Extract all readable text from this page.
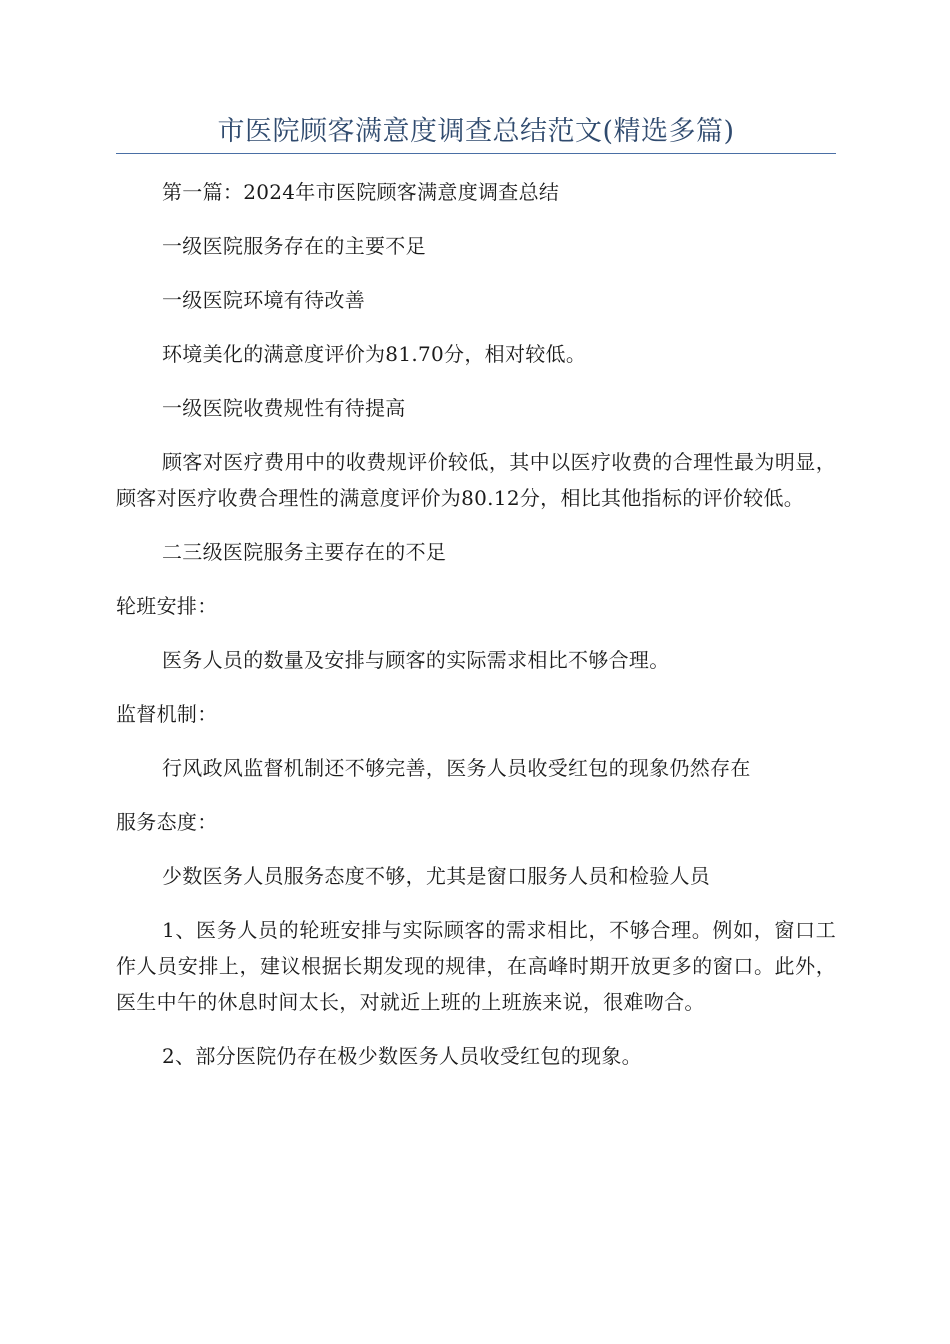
市医院顾客满意度调查总结范文(精选多篇)

第一篇：2024年市医院顾客满意度调查总结

一级医院服务存在的主要不足

一级医院环境有待改善

环境美化的满意度评价为81.70分，相对较低。

一级医院收费规性有待提高

顾客对医疗费用中的收费规评价较低，其中以医疗收费的合理性最为明显，顾客对医疗收费合理性的满意度评价为80.12分，相比其他指标的评价较低。

二三级医院服务主要存在的不足

轮班安排：

医务人员的数量及安排与顾客的实际需求相比不够合理。

监督机制：

行风政风监督机制还不够完善，医务人员收受红包的现象仍然存在

服务态度：

少数医务人员服务态度不够，尤其是窗口服务人员和检验人员

1、医务人员的轮班安排与实际顾客的需求相比，不够合理。例如，窗口工作人员安排上，建议根据长期发现的规律，在高峰时期开放更多的窗口。此外，医生中午的休息时间太长，对就近上班的上班族来说，很难吻合。

2、部分医院仍存在极少数医务人员收受红包的现象。
